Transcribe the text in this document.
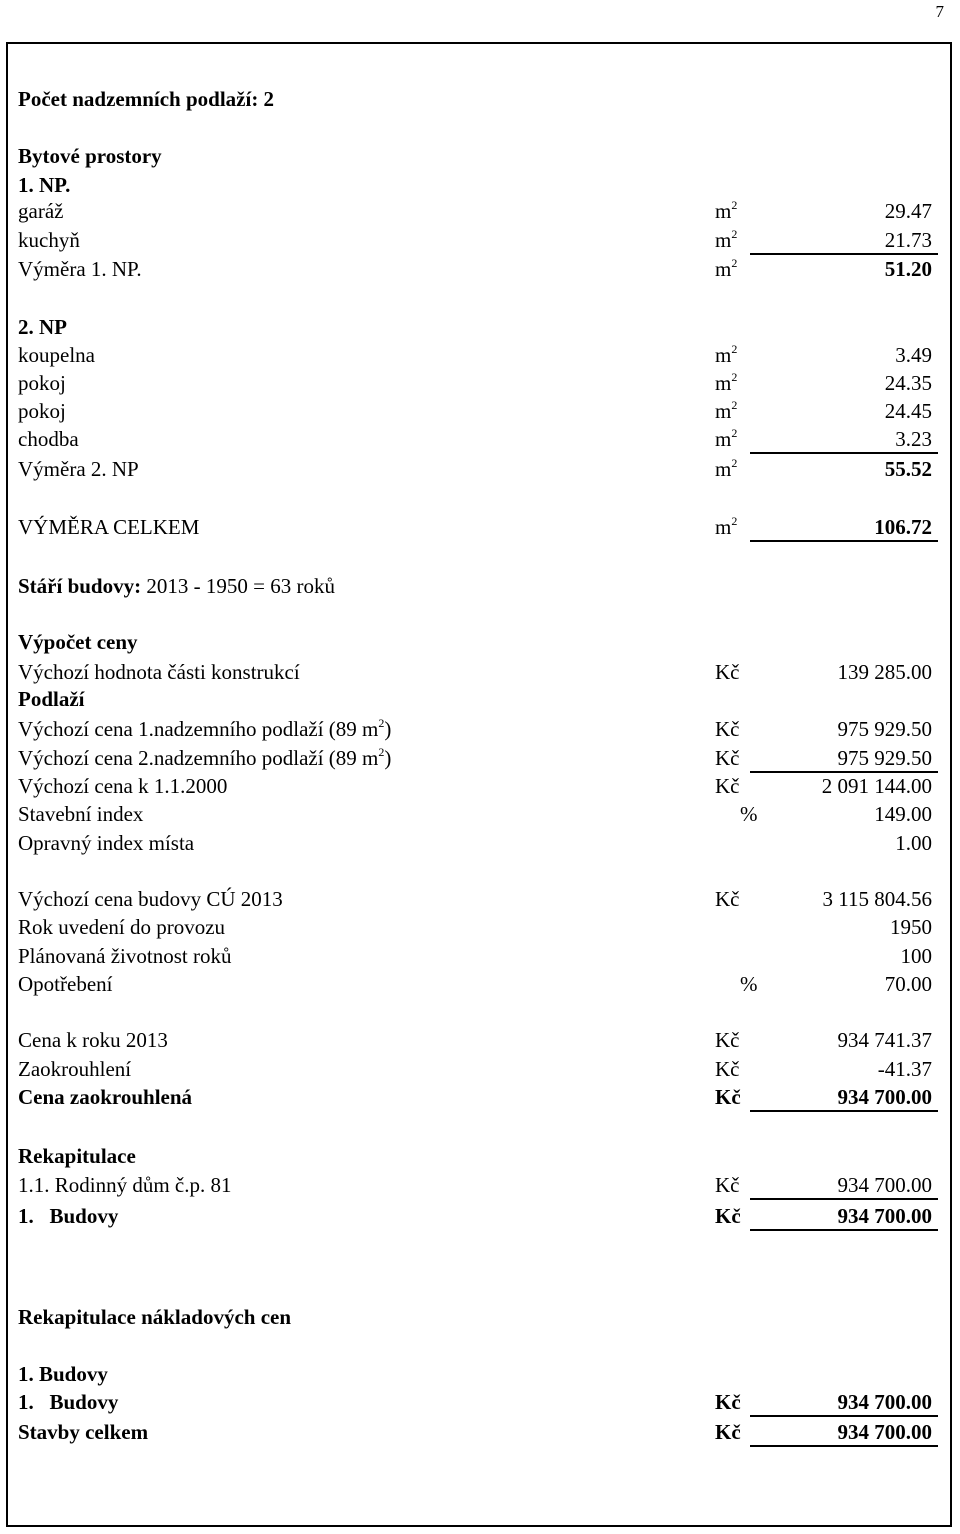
7
Počet nadzemních podlaží: 2
Bytové prostory
1. NP.
garáž	$m^2$	29.47
kuchyň	$m^2$	21.73
Výměra 1. NP.	$m^2$	51.20
2. NP
koupelna	$m^2$	3.49
pokoj	$m^2$	24.35
pokoj	$m^2$	24.45
chodba	$m^2$	3.23
Výměra 2. NP	$m^2$	55.52
VÝMĚRA CELKEM	$m^2$	106.72
Stáří budovy: 2013 - 1950 = 63 roků
Výpočet ceny
Výchozí hodnota části konstrukcí	Kč	139 285.00
Podlaží
Výchozí cena 1.nadzemního podlaží (89 $m^2$)	Kč	975 929.50
Výchozí cena 2.nadzemního podlaží (89 $m^2$)	Kč	975 929.50
Výchozí cena k 1.1.2000	Kč	2 091 144.00
Stavební index	%	149.00
Opravný index místa	1.00
Výchozí cena budovy CÚ 2013	Kč	3 115 804.56
Rok uvedení do provozu	1950
Plánovaná životnost roků	100
Opotřebení	%	70.00
Cena k roku 2013	Kč	934 741.37
Zaokrouhlení	Kč	-41.37
Cena zaokrouhlená	Kč	934 700.00
Rekapitulace
1.1. Rodinný dům č.p. 81	Kč	934 700.00
1.   Budovy	Kč	934 700.00
Rekapitulace nákladových cen
1. Budovy
1.   Budovy	Kč	934 700.00
Stavby celkem	Kč	934 700.00
